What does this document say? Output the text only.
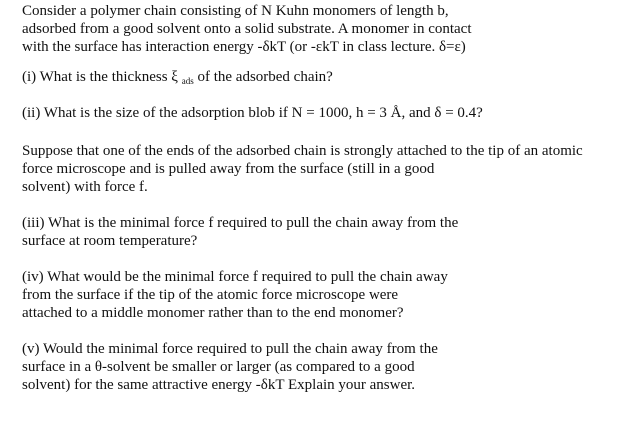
Consider a polymer chain consisting of N Kuhn monomers of length b,
adsorbed from a good solvent onto a solid substrate. A monomer in contact
with the surface has interaction energy -δkT (or -εkT in class lecture. δ=ε)
(i) What is the thickness ξ $_{ads}$ of the adsorbed chain?
(ii) What is the size of the adsorption blob if N = 1000, h = 3 Å, and δ = 0.4?
Suppose that one of the ends of the adsorbed chain is strongly attached to the tip of an atomic
force microscope and is pulled away from the surface (still in a good
solvent) with force f.
(iii) What is the minimal force f required to pull the chain away from the
surface at room temperature?
(iv) What would be the minimal force f required to pull the chain away
from the surface if the tip of the atomic force microscope were
attached to a middle monomer rather than to the end monomer?
(v) Would the minimal force required to pull the chain away from the
surface in a θ-solvent be smaller or larger (as compared to a good
solvent) for the same attractive energy -δkT Explain your answer.
